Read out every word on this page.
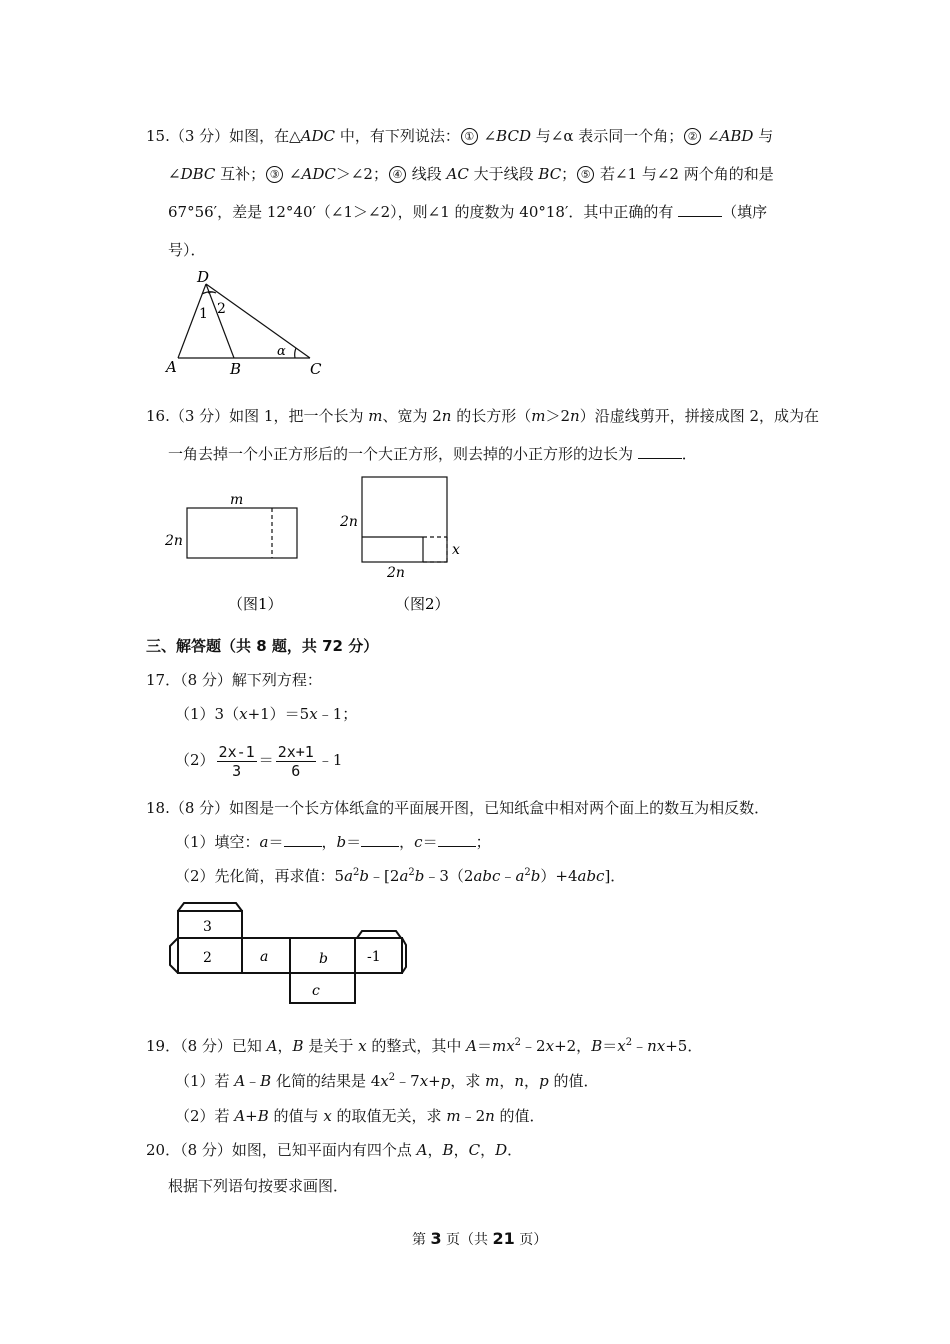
15.（3 分）如图，在△ADC 中，有下列说法： ① ∠BCD 与∠α 表示同一个角； ② ∠ABD 与
∠DBC 互补； ③ ∠ADC＞∠2； ④ 线段 AC 大于线段 BC； ⑤ 若∠1 与∠2 两个角的和是
67°56′，差是 12°40′（∠1＞∠2），则∠1 的度数为 40°18′．其中正确的有	（填序
号）．
D
A	B	C
1 2
α
16.（3 分）如图 1，把一个长为 m、宽为 2n 的长方形（m＞2n）沿虚线剪开，拼接成图 2，成为在
一角去掉一个小正方形后的一个大正方形，则去掉的小正方形的边长为	．
m
2n
（图1）
2n
2n
x
（图2）
三、解答题（共 8 题，共 72 分）
17．（8 分）解下列方程：
（1）3（x+1）＝5x﹣1；
$(2) \frac{2x-1}{3} = \frac{2x+1}{6}$ ﹣1
18.（8 分）如图是一个长方体纸盒的平面展开图，已知纸盒中相对两个面上的数互为相反数．
（1）填空：a＝	，b＝	，c＝	；
（2）先化简，再求值：$5a^2b﹣[2a^2b﹣3(2abc﹣a^2b)+4abc]$．
3
2	a	b	-1
c
19．（8 分）已知 A，B 是关于 x 的整式，其中 $A=mx^2﹣2x+2$，$B=x^2﹣nx+5$．
（1）若 A﹣B 化简的结果是 $4x^2﹣7x+p$，求 m，n，p 的值．
（2）若 A+B 的值与 x 的取值无关，求 m﹣2n 的值．
20．（8 分）如图，已知平面内有四个点 A，B，C，D．
根据下列语句按要求画图．
第 3 页（共 21 页）
